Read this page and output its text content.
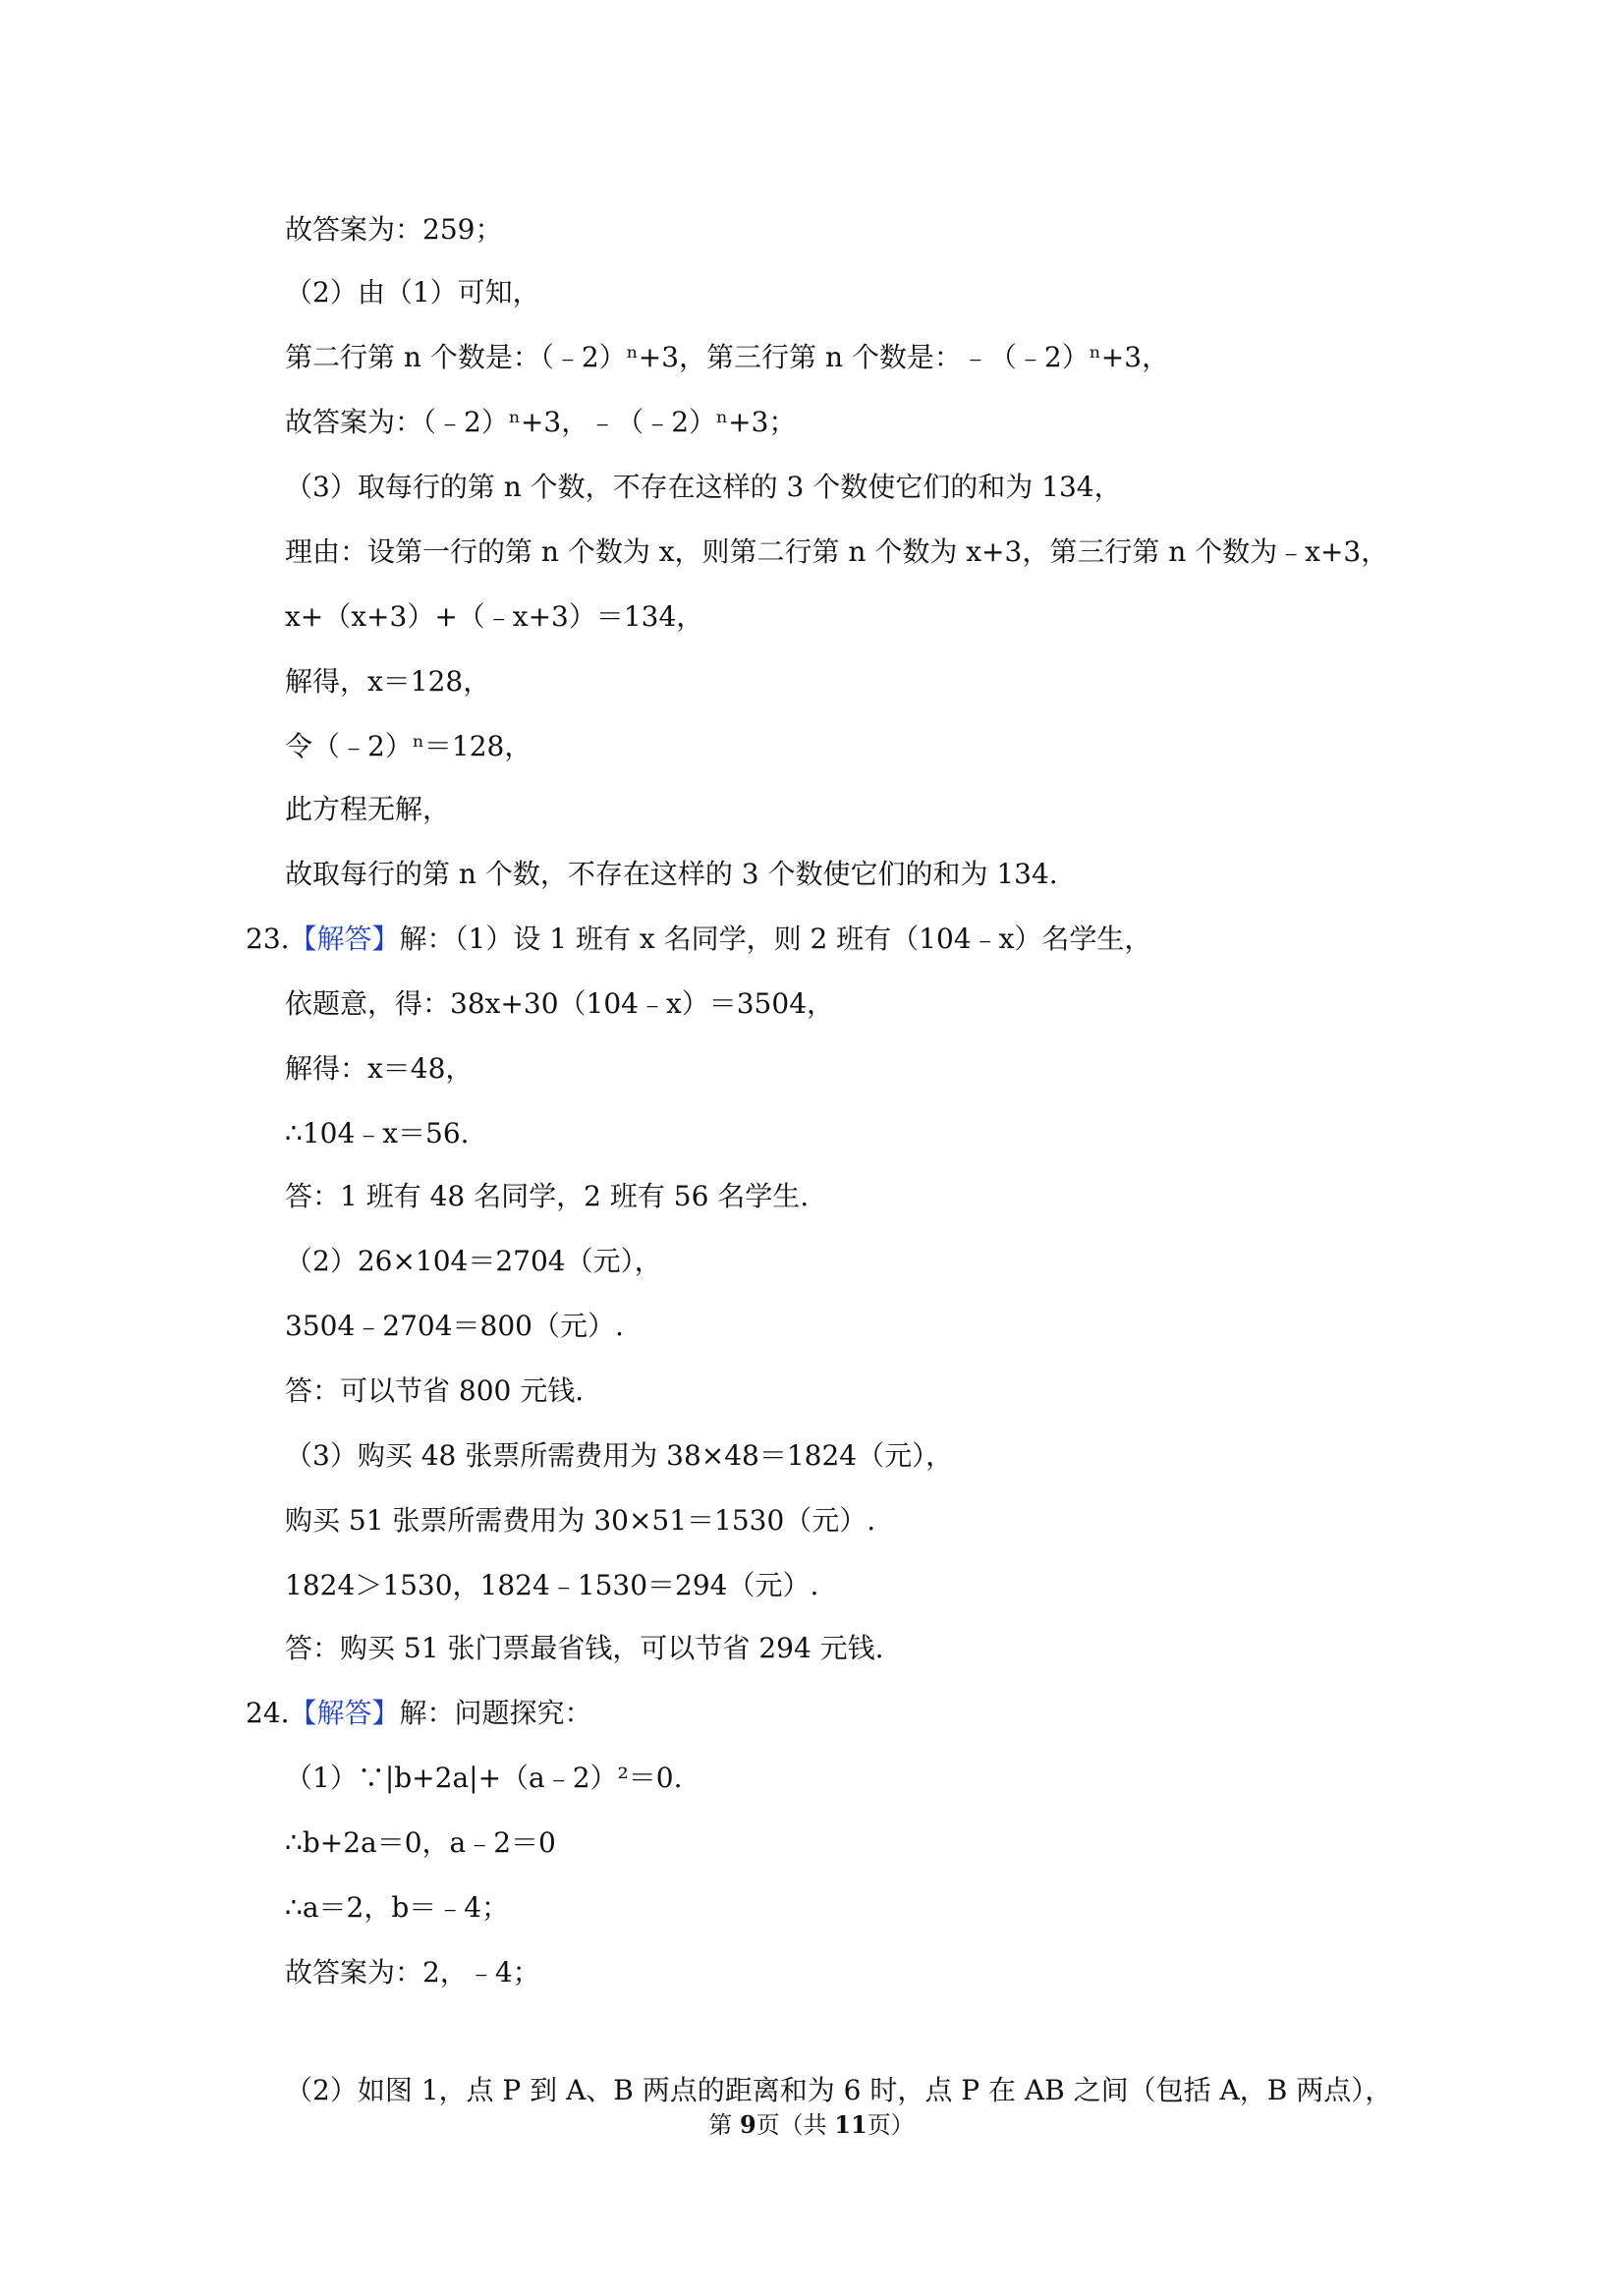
故答案为：259；
（2）由（1）可知，
第二行第 n 个数是：（﹣2）ⁿ+3，第三行第 n 个数是：﹣（﹣2）ⁿ+3，
故答案为：（﹣2）ⁿ+3，﹣（﹣2）ⁿ+3；
（3）取每行的第 n 个数，不存在这样的 3 个数使它们的和为 134，
理由：设第一行的第 n 个数为 x，则第二行第 n 个数为 x+3，第三行第 n 个数为﹣x+3，
x+（x+3）+（﹣x+3）＝134，
解得，x＝128，
令（﹣2）ⁿ＝128，
此方程无解，
故取每行的第 n 个数，不存在这样的 3 个数使它们的和为 134.
23.【解答】解：（1）设 1 班有 x 名同学，则 2 班有（104﹣x）名学生，
依题意，得：38x+30（104﹣x）＝3504，
解得：x＝48，
∴104﹣x＝56.
答：1 班有 48 名同学，2 班有 56 名学生.
（2）26×104＝2704（元），
3504﹣2704＝800（元）.
答：可以节省 800 元钱.
（3）购买 48 张票所需费用为 38×48＝1824（元），
购买 51 张票所需费用为 30×51＝1530（元）.
1824＞1530，1824﹣1530＝294（元）.
答：购买 51 张门票最省钱，可以节省 294 元钱.
24.【解答】解：问题探究：
（1）∵|b+2a|+（a﹣2）²＝0.
∴b+2a＝0，a﹣2＝0
∴a＝2，b＝﹣4；
故答案为：2，﹣4；
（2）如图 1，点 P 到 A、B 两点的距离和为 6 时，点 P 在 AB 之间（包括 A，B 两点），
第 9页（共 11页）
